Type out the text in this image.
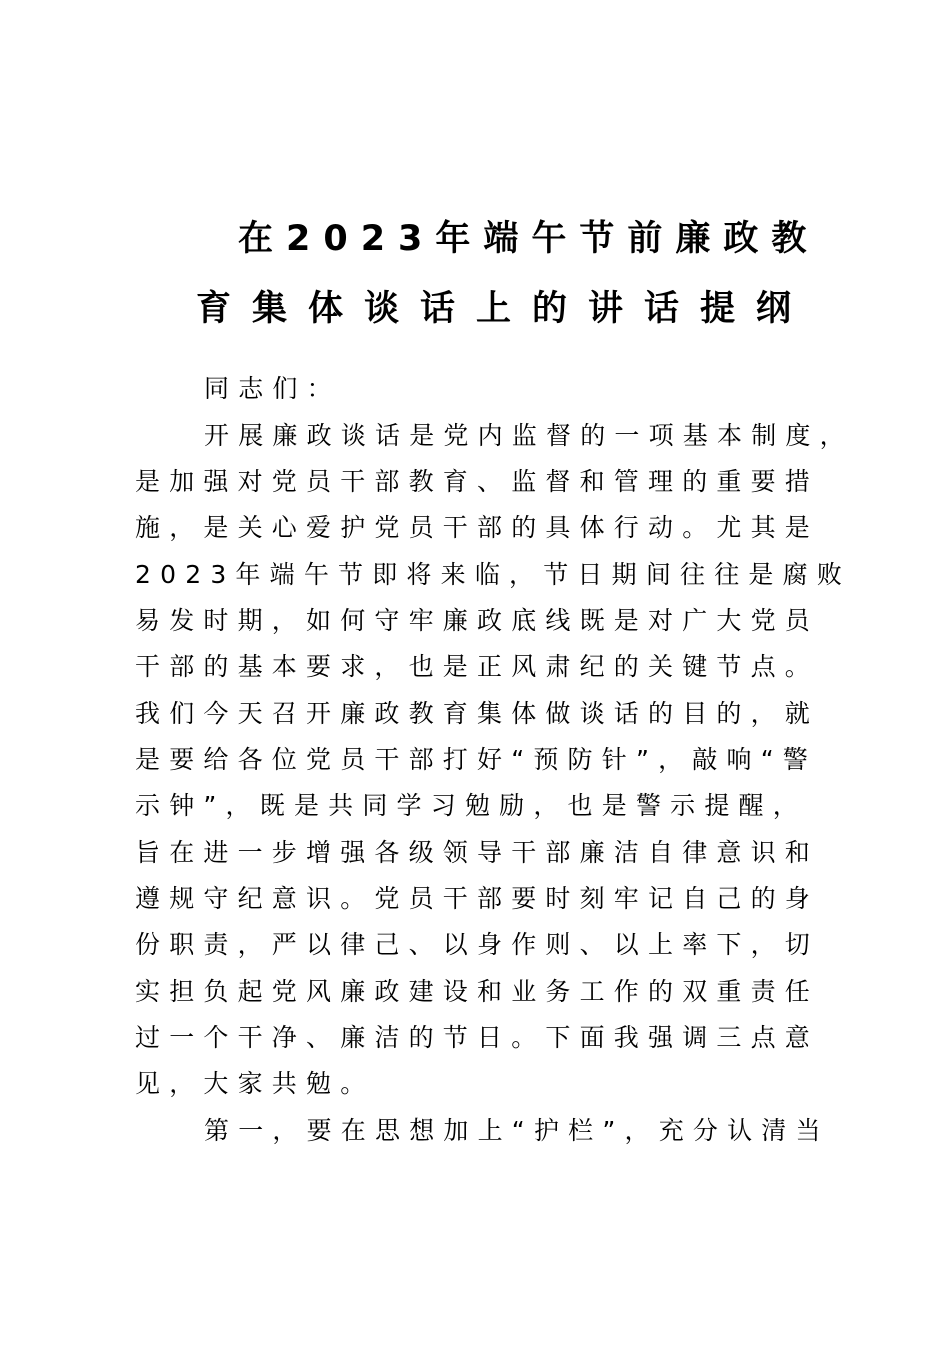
在2023年端午节前廉政教
育集体谈话上的讲话提纲

同志们：

开展廉政谈话是党内监督的一项基本制度，

是加强对党员干部教育、监督和管理的重要措

施，是关心爱护党员干部的具体行动。尤其是

2023年端午节即将来临，节日期间往往是腐败

易发时期，如何守牢廉政底线既是对广大党员

干部的基本要求，也是正风肃纪的关键节点。

我们今天召开廉政教育集体做谈话的目的，就

是要给各位党员干部打好“预防针”，敲响“警

示钟”，既是共同学习勉励，也是警示提醒，

旨在进一步增强各级领导干部廉洁自律意识和

遵规守纪意识。党员干部要时刻牢记自己的身

份职责，严以律己、以身作则、以上率下，切

实担负起党风廉政建设和业务工作的双重责任

过一个干净、廉洁的节日。下面我强调三点意

见，大家共勉。

第一，要在思想加上“护栏”，充分认清当
